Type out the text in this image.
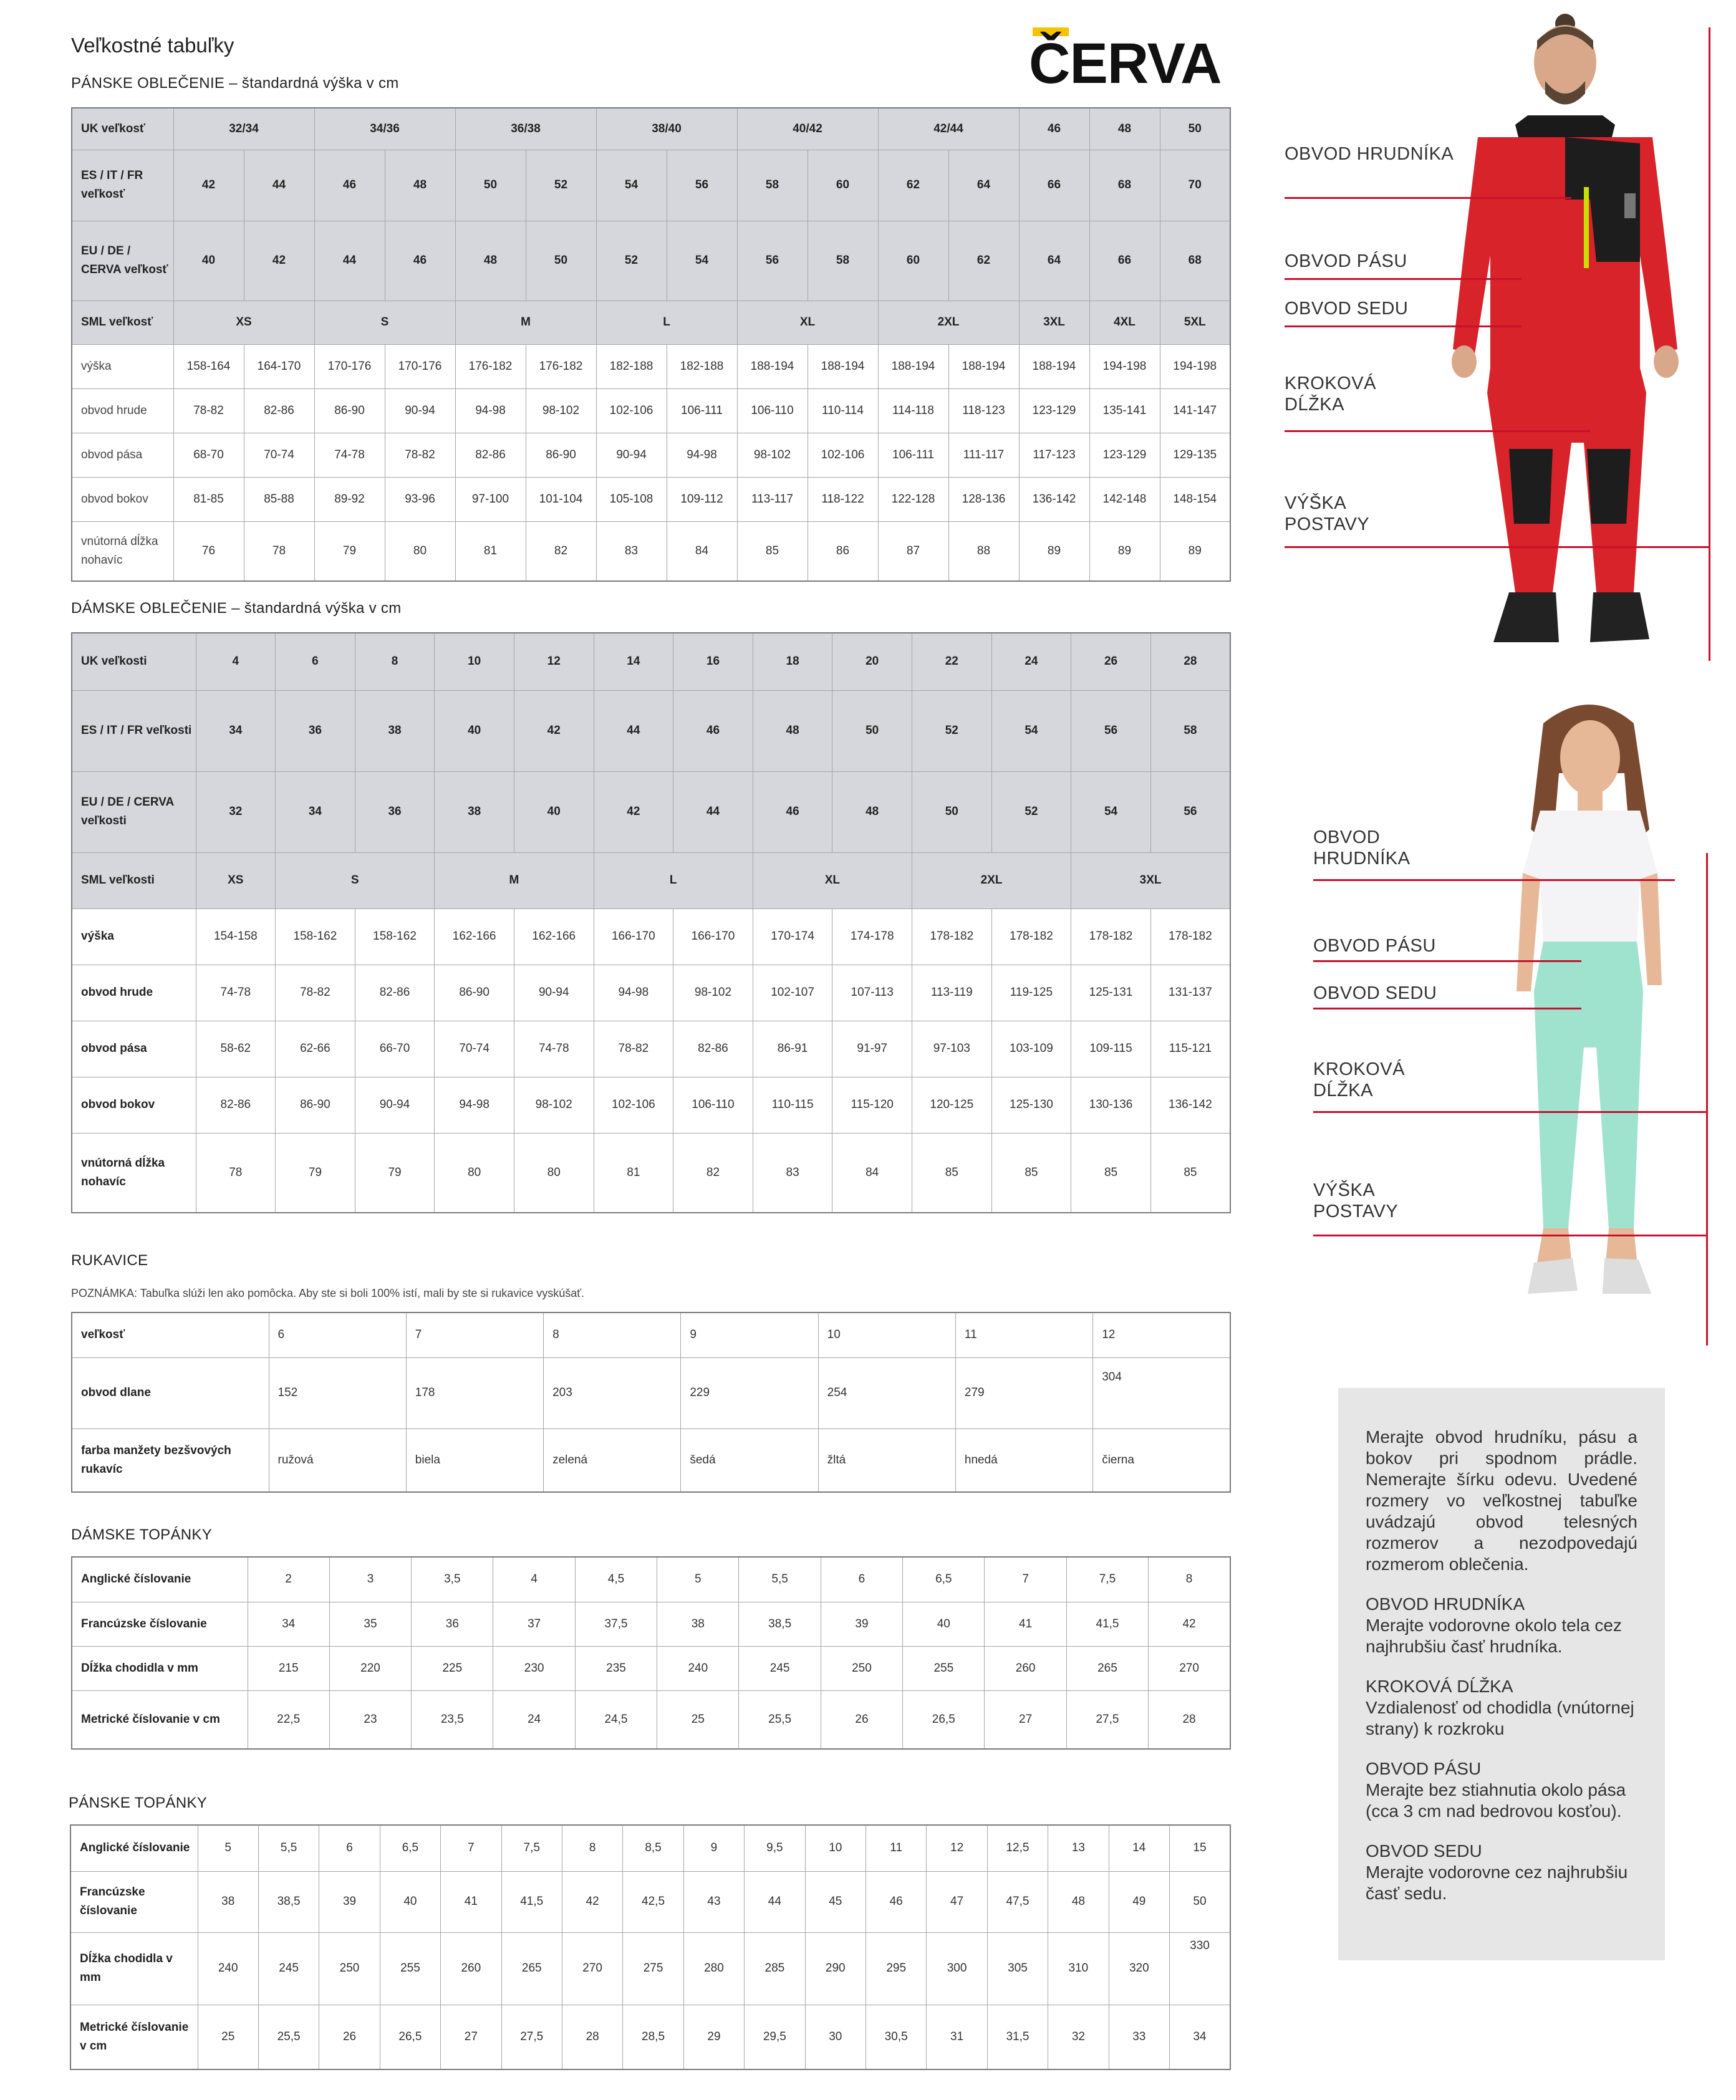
Veľkostné tabuľky	ČERVA
PÁNSKE OBLEČENIE – štandardná výška v cm
UK veľkosť	32/34		34/36		36/38		38/40		40/42		42/44		46	48	50
ES / IT / FR veľkosť	42	44	46	48	50	52	54	56	58	60	62	64	66	68	70
EU / DE / CERVA veľkosť	40	42	44	46	48	50	52	54	56	58	60	62	64	66	68
SML veľkosť	XS		S		M		L		XL		2XL		3XL	4XL	5XL
výška	158-164	164-170	170-176	170-176	176-182	176-182	182-188	182-188	188-194	188-194	188-194	188-194	188-194	194-198	194-198
obvod hrude	78-82	82-86	86-90	90-94	94-98	98-102	102-106	106-111	106-110	110-114	114-118	118-123	123-129	135-141	141-147
obvod pása	68-70	70-74	74-78	78-82	82-86	86-90	90-94	94-98	98-102	102-106	106-111	111-117	117-123	123-129	129-135
obvod bokov	81-85	85-88	89-92	93-96	97-100	101-104	105-108	109-112	113-117	118-122	122-128	128-136	136-142	142-148	148-154
vnútorná dĺžka nohavíc	76	78	79	80	81	82	83	84	85	86	87	88	89	89	89
DÁMSKE OBLEČENIE – štandardná výška v cm
UK veľkosti	4	6	8	10	12	14	16	18	20	22	24	26	28
ES / IT / FR veľkosti	34	36	38	40	42	44	46	48	50	52	54	56	58
EU / DE / CERVA veľkosti	32	34	36	38	40	42	44	46	48	50	52	54	56
SML veľkosti	XS	S		M		L		XL		2XL		3XL	
výška	154-158	158-162	158-162	162-166	162-166	166-170	166-170	170-174	174-178	178-182	178-182	178-182	178-182
obvod hrude	74-78	78-82	82-86	86-90	90-94	94-98	98-102	102-107	107-113	113-119	119-125	125-131	131-137
obvod pása	58-62	62-66	66-70	70-74	74-78	78-82	82-86	86-91	91-97	97-103	103-109	109-115	115-121
obvod bokov	82-86	86-90	90-94	94-98	98-102	102-106	106-110	110-115	115-120	120-125	125-130	130-136	136-142
vnútorná dĺžka nohavíc	78	79	79	80	80	81	82	83	84	85	85	85	85
RUKAVICE
POZNÁMKA: Tabuľka slúži len ako pomôcka. Aby ste si boli 100% istí, mali by ste si rukavice vyskúšať.
veľkosť	6	7	8	9	10	11	12
obvod dlane	152	178	203	229	254	279	304
farba manžety bezšvových rukavíc	ružová	biela	zelená	šedá	žltá	hnedá	čierna
DÁMSKE TOPÁNKY
Anglické číslovanie	2	3	3,5	4	4,5	5	5,5	6	6,5	7	7,5	8
Francúzske číslovanie	34	35	36	37	37,5	38	38,5	39	40	41	41,5	42
Dĺžka chodidla v mm	215	220	225	230	235	240	245	250	255	260	265	270
Metrické číslovanie v cm	22,5	23	23,5	24	24,5	25	25,5	26	26,5	27	27,5	28
PÁNSKE TOPÁNKY
Anglické číslovanie	5	5,5	6	6,5	7	7,5	8	8,5	9	9,5	10	11	12	12,5	13	14	15
Francúzske číslovanie	38	38,5	39	40	41	41,5	42	42,5	43	44	45	46	47	47,5	48	49	50
Dĺžka chodidla v mm	240	245	250	255	260	265	270	275	280	285	290	295	300	305	310	320	330
Metrické číslovanie v cm	25	25,5	26	26,5	27	27,5	28	28,5	29	29,5	30	30,5	31	31,5	32	33	34
OBVOD HRUDNÍKA
OBVOD PÁSU
OBVOD SEDU
KROKOVÁ DĹŽKA
VÝŠKA POSTAVY
OBVOD HRUDNÍKA
OBVOD PÁSU
OBVOD SEDU
KROKOVÁ DĹŽKA
VÝŠKA POSTAVY
Merajte obvod hrudníku, pásu a bokov pri spodnom prádle. Nemerajte šírku odevu. Uvedené rozmery vo veľkostnej tabuľke uvádzajú obvod telesných rozmerov a nezodpovedajú rozmerom oblečenia.
OBVOD HRUDNÍKA
Merajte vodorovne okolo tela cez najhrubšiu časť hrudníka.
KROKOVÁ DĹŽKA
Vzdialenosť od chodidla (vnútornej strany) k rozkroku
OBVOD PÁSU
Merajte bez stiahnutia okolo pása (cca 3 cm nad bedrovou kosťou).
OBVOD SEDU
Merajte vodorovne cez najhrubšiu časť sedu.
